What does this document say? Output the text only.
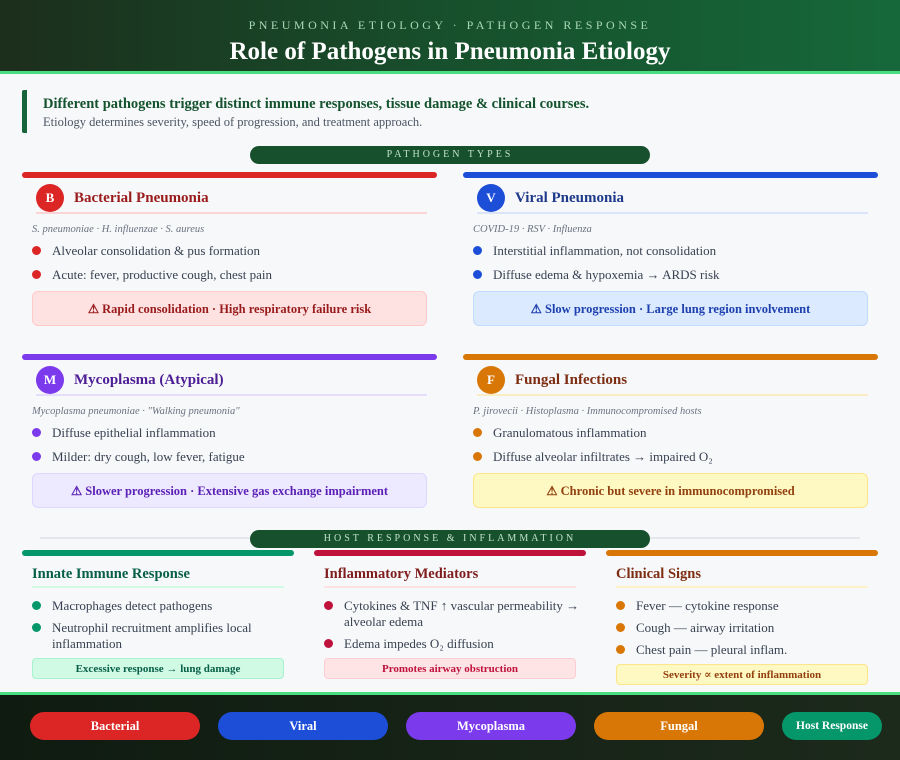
PNEUMONIA ETIOLOGY · PATHOGEN RESPONSE
Role of Pathogens in Pneumonia Etiology
Different pathogens trigger distinct immune responses, tissue damage & clinical courses.
Etiology determines severity, speed of progression, and treatment approach.
PATHOGEN TYPES
B	Bacterial Pneumonia
S. pneumoniae · H. influenzae · S. aureus
Alveolar consolidation & pus formation
Acute: fever, productive cough, chest pain
⚠ Rapid consolidation · High respiratory failure risk
V	Viral Pneumonia
COVID-19 · RSV · Influenza
Interstitial inflammation, not consolidation
Diffuse edema & hypoxemia → ARDS risk
⚠ Slow progression · Large lung region involvement
M	Mycoplasma (Atypical)
Mycoplasma pneumoniae · "Walking pneumonia"
Diffuse epithelial inflammation
Milder: dry cough, low fever, fatigue
⚠ Slower progression · Extensive gas exchange impairment
F	Fungal Infections
P. jirovecii · Histoplasma · Immunocompromised hosts
Granulomatous inflammation
Diffuse alveolar infiltrates → impaired O₂
⚠ Chronic but severe in immunocompromised
HOST RESPONSE & INFLAMMATION
Innate Immune Response
Macrophages detect pathogens
Neutrophil recruitment amplifies local inflammation
Excessive response → lung damage
Inflammatory Mediators
Cytokines & TNF ↑ vascular permeability → alveolar edema
Edema impedes O₂ diffusion
Promotes airway obstruction
Clinical Signs
Fever — cytokine response
Cough — airway irritation
Chest pain — pleural inflam.
Severity ∝ extent of inflammation
Bacterial	Viral	Mycoplasma	Fungal	Host Response
